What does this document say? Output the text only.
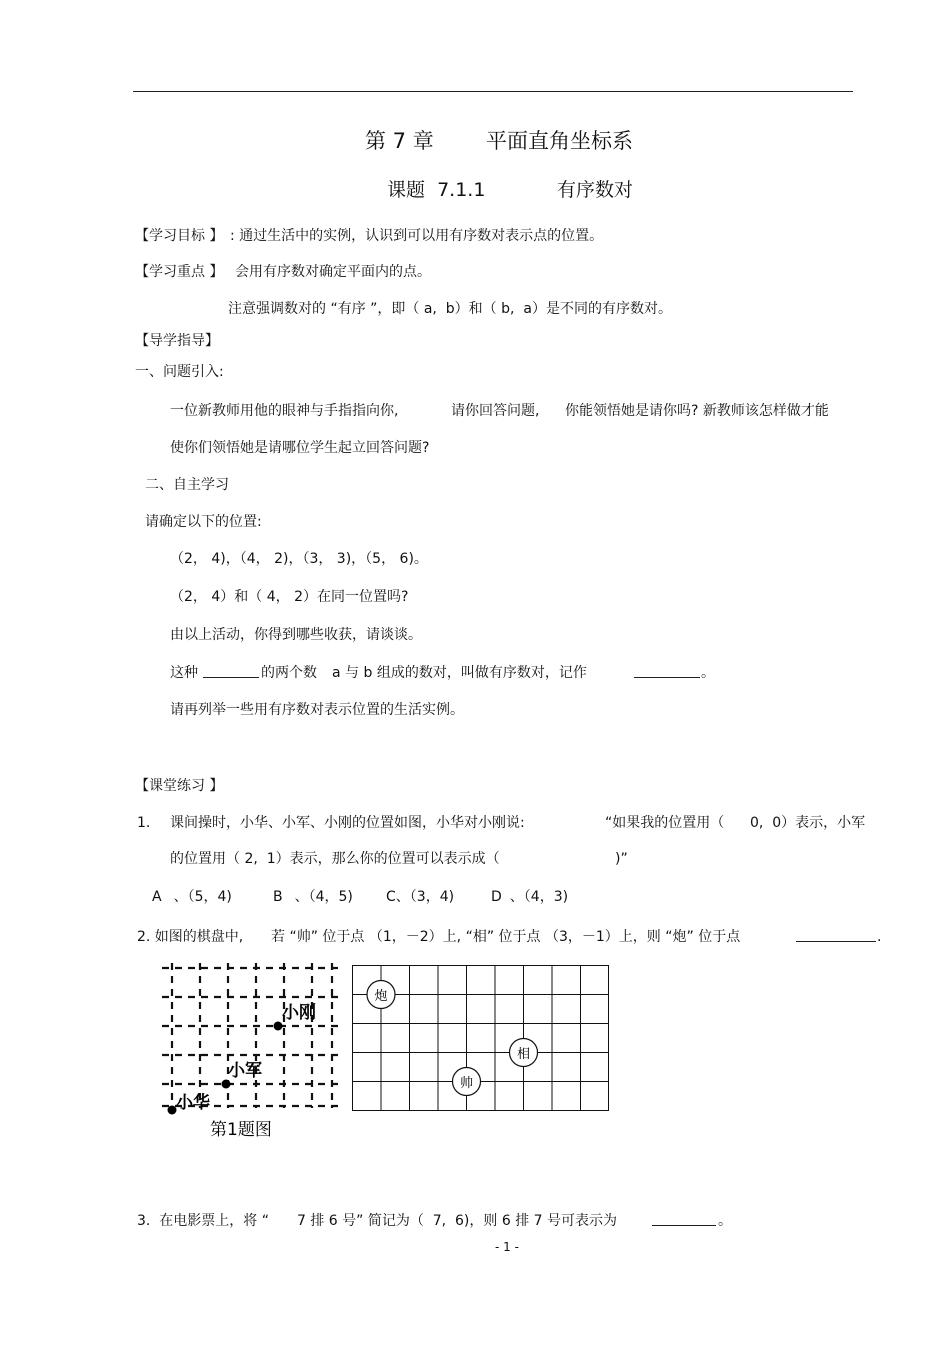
第 7 章 平面直角坐标系
课题  7.1.1	有序数对
【学习目标 】 : 通过生活中的实例，认识到可以用有序数对表示点的位置。
【学习重点 】 会用有序数对确定平面内的点。
注意强调数对的 “有序 ”，即（ a,  b）和（ b,  a）是不同的有序数对。
【导学指导】
一、问题引入:
一位新教师用他的眼神与手指指向你,	请你回答问题, 你能领悟她是请你吗? 新教师该怎样做才能
使你们领悟她是请哪位学生起立回答问题?
二、自主学习
请确定以下的位置:
（2， 4)，（4， 2)，（3， 3)，（5， 6)。
（2， 4）和（ 4， 2）在同一位置吗?
由以上活动，你得到哪些收获，请谈谈。
这种	的两个数 a 与 b 组成的数对，叫做有序数对，记作	。
请再列举一些用有序数对表示位置的生活实例。
【课堂练习 】
1. 课间操时，小华、小军、小刚的位置如图，小华对小刚说:	“如果我的位置用（ 0,  0）表示，小军
的位置用（ 2,  1）表示，那么你的位置可以表示成（	)”
A 、（5，4)	B 、（4，5) C、（3，4)	D 、（4，3)
2. 如图的棋盘中, 若 “帅” 位于点 （1，－2）上, “相” 位于点 （3，－1）上，则 “炮” 位于点	.
小刚
小军
小华
第1题图
炮
相
帅
3.  在电影票上，将 “ 7 排 6 号” 简记为（  7,  6)，则 6 排 7 号可表示为	。
- 1 -
